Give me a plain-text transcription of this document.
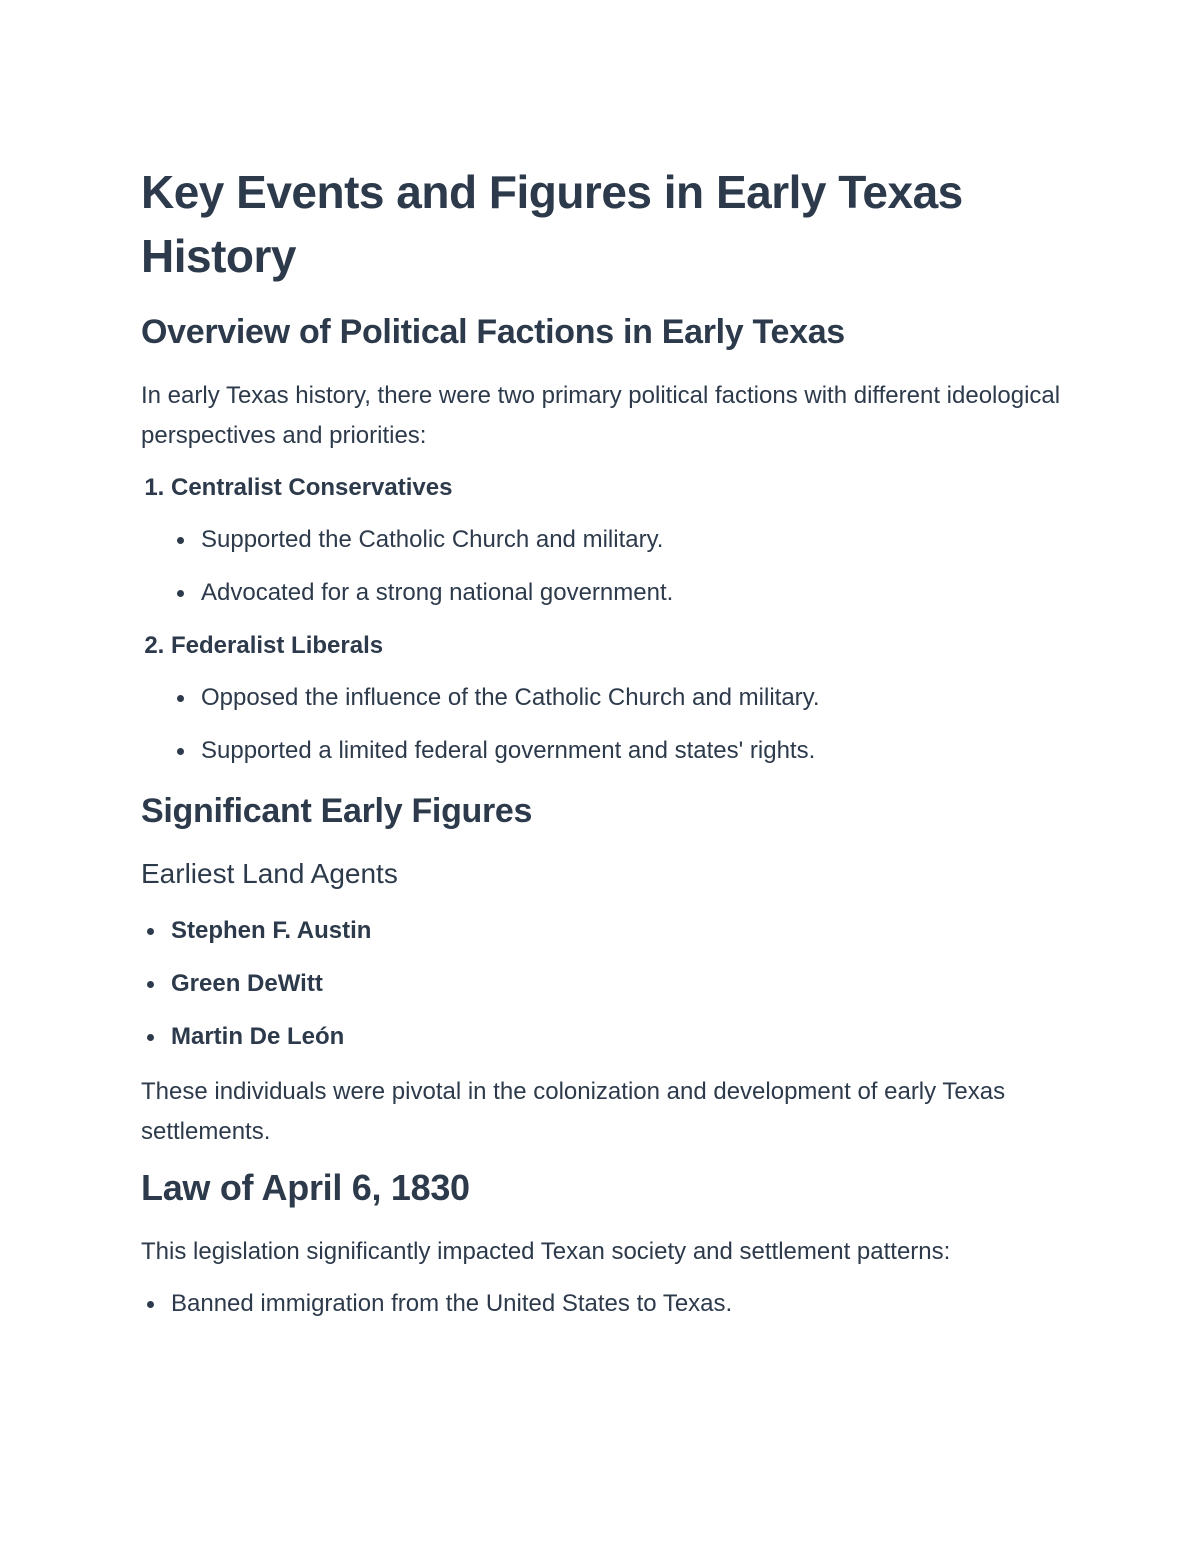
Key Events and Figures in Early Texas History
Overview of Political Factions in Early Texas

In early Texas history, there were two primary political factions with different ideological perspectives and priorities:

1. Centralist Conservatives
Supported the Catholic Church and military.
Advocated for a strong national government.
2. Federalist Liberals
Opposed the influence of the Catholic Church and military.
Supported a limited federal government and states' rights.
Significant Early Figures
Earliest Land Agents
Stephen F. Austin
Green DeWitt
Martin De León

These individuals were pivotal in the colonization and development of early Texas settlements.

Law of April 6, 1830

This legislation significantly impacted Texan society and settlement patterns:

Banned immigration from the United States to Texas.
